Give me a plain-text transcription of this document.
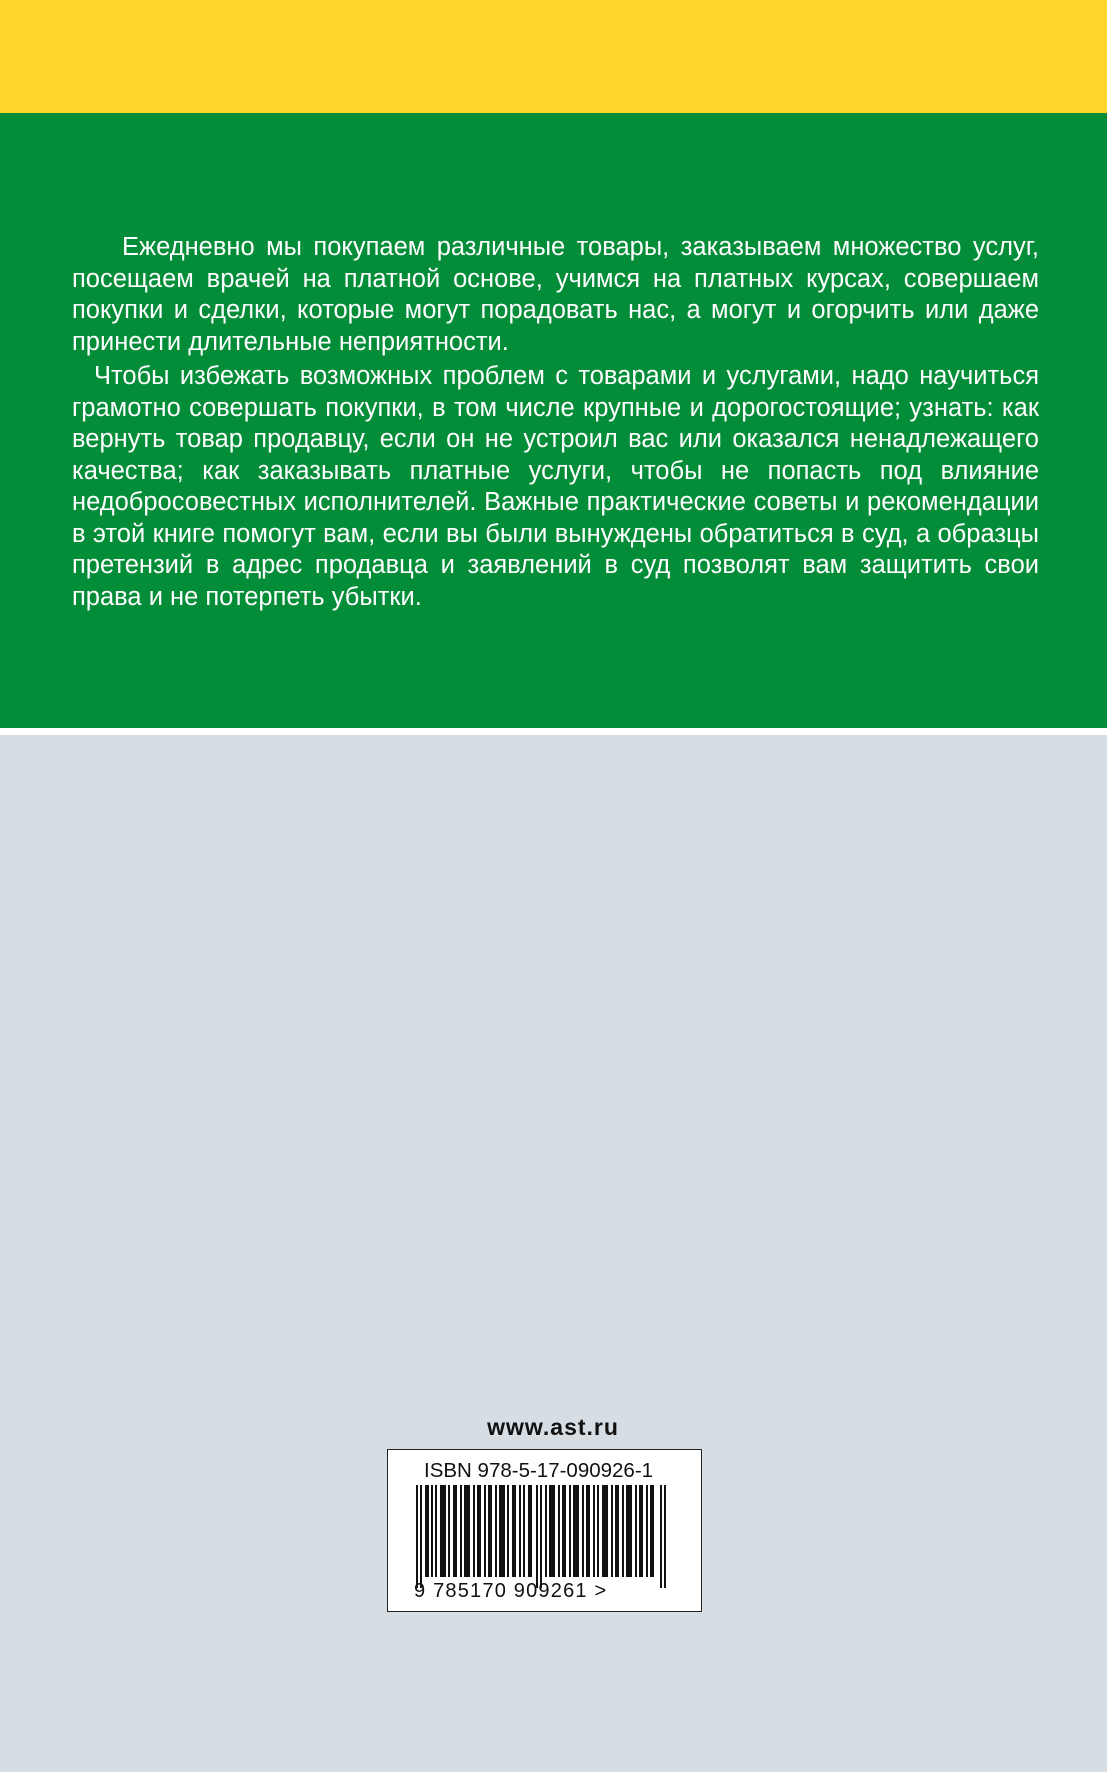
Ежедневно мы покупаем различные товары, заказываем множество услуг, посещаем врачей на платной основе, учимся на платных курсах, совершаем покупки и сделки, которые могут порадовать нас, а могут и огорчить или даже принести длительные неприятности.

Чтобы избежать возможных проблем с товарами и услугами, надо научиться грамотно совершать покупки, в том числе крупные и дорогостоящие; узнать: как вернуть товар продавцу, если он не устроил вас или оказался ненадлежащего качества; как заказывать платные услуги, чтобы не попасть под влияние недобросовестных исполнителей. Важные практические советы и рекомендации в этой книге помогут вам, если вы были вынуждены обратиться в суд, а образцы претензий в адрес продавца и заявлений в суд позволят вам защитить свои права и не потерпеть убытки.

www.ast.ru
ISBN 978-5-17-090926-1
9 785170 909261 >
